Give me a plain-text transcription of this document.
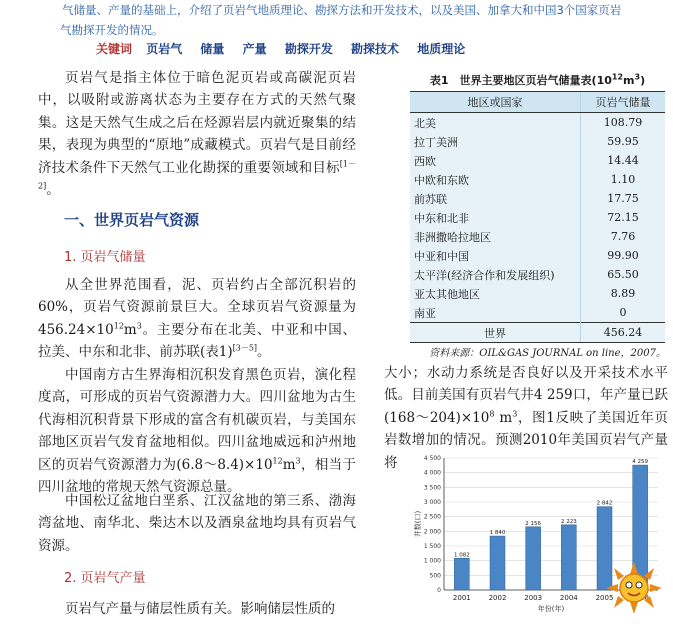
气储量、产量的基础上，介绍了页岩气地质理论、勘探方法和开发技术，以及美国、加拿大和中国3个国家页岩
气勘探开发的情况。
关键词 页岩气 储量 产量 勘探开发 勘探技术 地质理论

页岩气是指主体位于暗色泥页岩或高碳泥页岩中，以吸附或游离状态为主要存在方式的天然气聚集。这是天然气生成之后在烃源岩层内就近聚集的结果，表现为典型的“原地”成藏模式。页岩气是目前经济技术条件下天然气工业化勘探的重要领域和目标[1－2]。

一、世界页岩气资源
1. 页岩气储量

从全世界范围看，泥、页岩约占全部沉积岩的60%，页岩气资源前景巨大。全球页岩气资源量为$456.24\times 10^{12}m^3$。主要分布在北美、中亚和中国、拉美、中东和北非、前苏联(表1)[3－5]。

中国南方古生界海相沉积发育黑色页岩，演化程度高，可形成的页岩气资源潜力大。四川盆地为古生代海相沉积背景下形成的富含有机碳页岩，与美国东部地区页岩气发育盆地相似。四川盆地威远和泸州地区的页岩气资源潜力为$(6.8\sim 8.4)\times 10^{12}m^3$，相当于四川盆地的常规天然气资源总量。

中国松辽盆地白垩系、江汉盆地的第三系、渤海湾盆地、南华北、柴达木以及酒泉盆地均具有页岩气资源。

2. 页岩气产量

页岩气产量与储层性质有关。影响储层性质的

表1　世界主要地区页岩气储量表$(10^{12}m^3)$
地区或国家	页岩气储量
北美	108.79
拉丁美洲	59.95
西欧	14.44
中欧和东欧	1.10
前苏联	17.75
中东和北非	72.15
非洲撒哈拉地区	7.76
中亚和中国	99.90
太平洋(经济合作和发展组织)	65.50
亚太其他地区	8.89
南亚	0
世界	456.24
资料来源：OIL&GAS JOURNAL on line，2007。

大小；水动力系统是否良好以及开采技术水平低。目前美国有页岩气井4 259口，年产量已跃$(168\sim 204)\times 10^8$ $m^3$，图1反映了美国近年页岩数增加的情况。预测2010年美国页岩气产量将

0
500
1 000
1 500
2 000
2 500
3 000
3 500
4 000
4 500
1 082
2001
1 840
2002
2 156
2003
2 223
2004
2 842
2005
4 259
年份(年)
井数(口)
